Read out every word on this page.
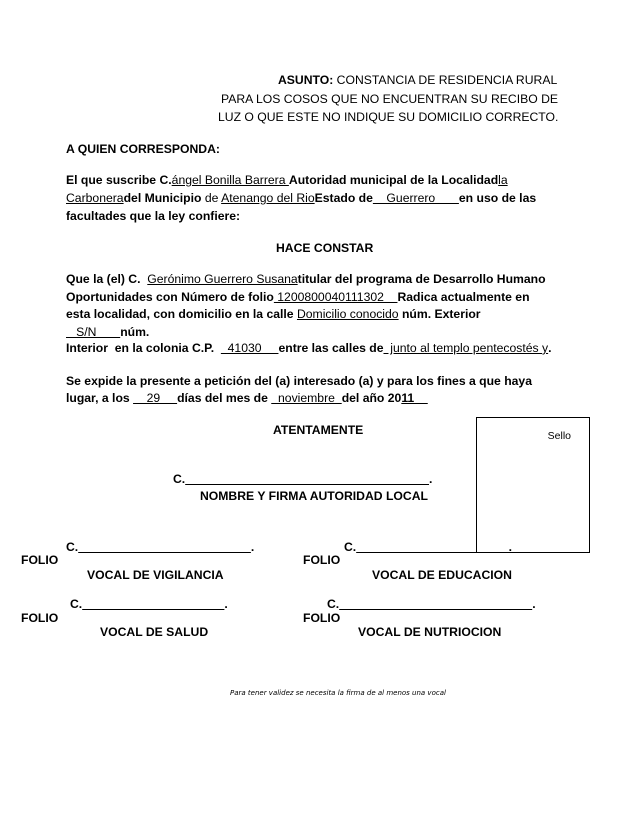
ASUNTO: CONSTANCIA DE RESIDENCIA RURAL
PARA LOS COSOS QUE NO ENCUENTRAN SU RECIBO DE
LUZ O QUE ESTE NO INDIQUE SU DOMICILIO CORRECTO.
A QUIEN CORRESPONDA:
El que suscribe C.ángel Bonilla Barrera Autoridad municipal de la Localidadla
Carboneradel Municipio de Atenango del RioEstado de    Guerrero       en uso de las
facultades que la ley confiere:
HACE CONSTAR
Que la (el) C.  Gerónimo Guerrero Susanatitular del programa de Desarrollo Humano
Oportunidades con Número de folio 1200800040111302    Radica actualmente en
esta localidad, con domicilio en la calle Domicilio conocido núm. Exterior
S/N       núm.
Interior  en la colonia C.P.    41030     entre las calles de  junto al templo pentecostés y.
Se expide la presente a petición del (a) interesado (a) y para los fines a que haya
lugar, a los     29     días del mes de   noviembre  del año 2011
ATENTAMENTE	Sello
C.	.
NOMBRE Y FIRMA AUTORIDAD LOCAL
C.	.
FOLIO
VOCAL DE VIGILANCIA
C.	.
FOLIO
VOCAL DE EDUCACION
C.	.
FOLIO
VOCAL DE SALUD
C.	.
FOLIO
VOCAL DE NUTRIOCION
Para tener validez se necesita la firma de al menos una vocal
